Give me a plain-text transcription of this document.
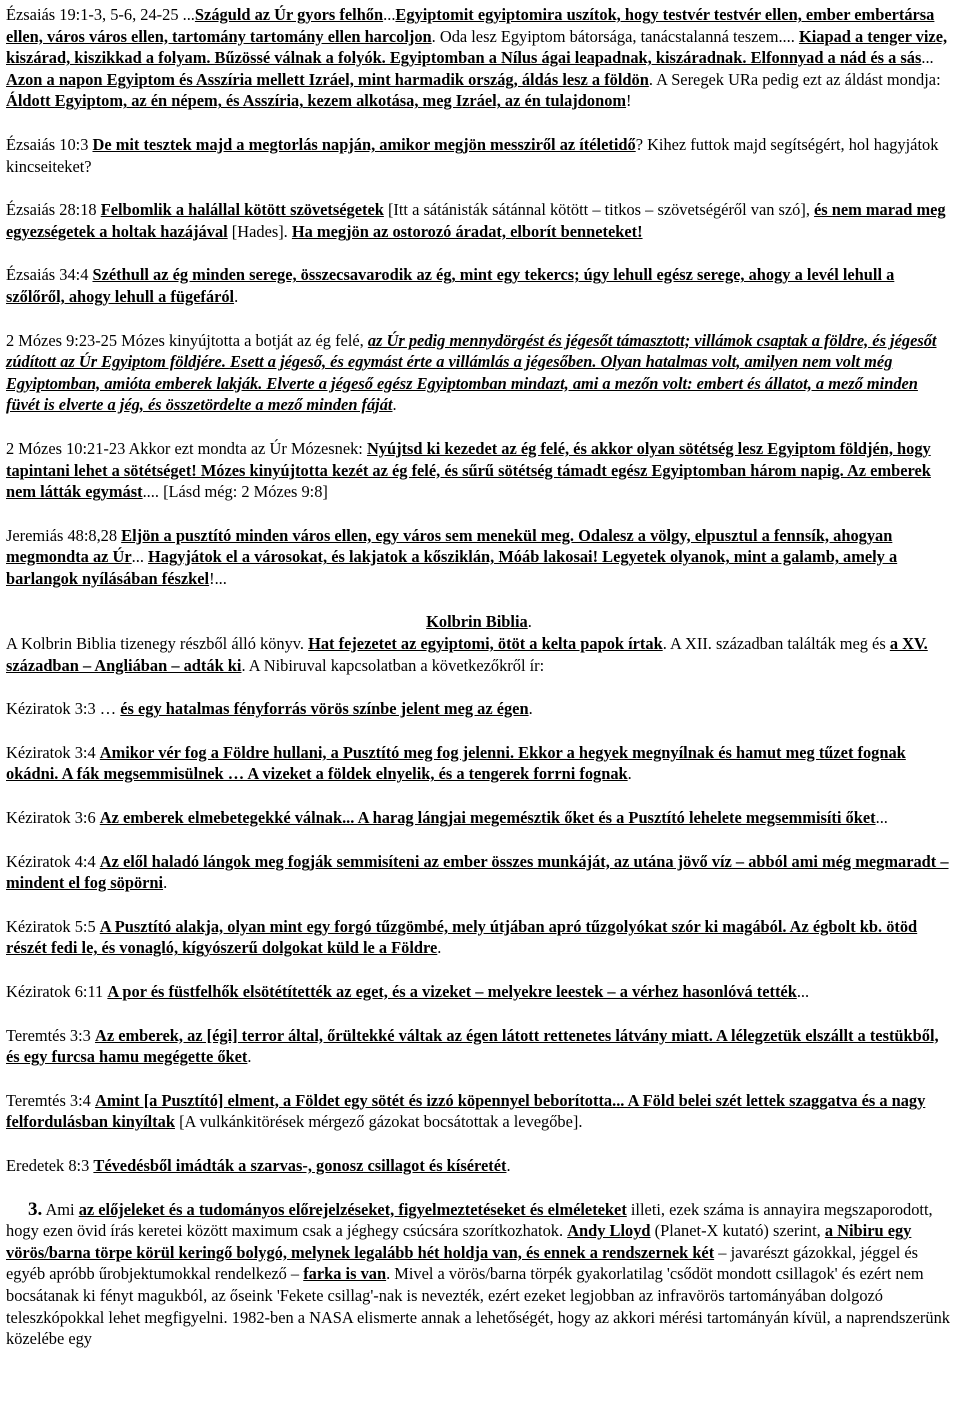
Ézsaiás 19:1-3, 5-6, 24-25 ...Száguld az Úr gyors felhőn...Egyiptomit egyiptomira uszítok, hogy testvér testvér ellen, ember embertársa ellen, város város ellen, tartomány tartomány ellen harcoljon. Oda lesz Egyiptom bátorsága, tanácstalanná teszem.... Kiapad a tenger vize, kiszárad, kiszikkad a folyam. Bűzössé válnak a folyók. Egyiptomban a Nílus ágai leapadnak, kiszáradnak. Elfonnyad a nád és a sás... Azon a napon Egyiptom és Asszíria mellett Izráel, mint harmadik ország, áldás lesz a földön. A Seregek URa pedig ezt az áldást mondja: Áldott Egyiptom, az én népem, és Asszíria, kezem alkotása, meg Izráel, az én tulajdonom!

Ézsaiás 10:3 De mit tesztek majd a megtorlás napján, amikor megjön messziről az ítéletidő? Kihez futtok majd segítségért, hol hagyjátok kincseiteket?

Ézsaiás 28:18 Felbomlik a halállal kötött szövetségetek [Itt a sátánisták sátánnal kötött – titkos – szövetségéről van szó], és nem marad meg egyezségetek a holtak hazájával [Hades]. Ha megjön az ostorozó áradat, elborít benneteket!

Ézsaiás 34:4 Széthull az ég minden serege, összecsavarodik az ég, mint egy tekercs; úgy lehull egész serege, ahogy a levél lehull a szőlőről, ahogy lehull a fügefáról.

2 Mózes 9:23-25 Mózes kinyújtotta a botját az ég felé, az Úr pedig mennydörgést és jégesőt támasztott; villámok csaptak a földre, és jégesőt zúdított az Úr Egyiptom földjére. Esett a jégeső, és egymást érte a villámlás a jégesőben. Olyan hatalmas volt, amilyen nem volt még Egyiptomban, amióta emberek lakják. Elverte a jégeső egész Egyiptomban mindazt, ami a mezőn volt: embert és állatot, a mező minden füvét is elverte a jég, és összetördelte a mező minden fáját.

2 Mózes 10:21-23 Akkor ezt mondta az Úr Mózesnek: Nyújtsd ki kezedet az ég felé, és akkor olyan sötétség lesz Egyiptom földjén, hogy tapintani lehet a sötétséget! Mózes kinyújtotta kezét az ég felé, és sűrű sötétség támadt egész Egyiptomban három napig. Az emberek nem látták egymást.... [Lásd még: 2 Mózes 9:8]

Jeremiás 48:8,28 Eljön a pusztító minden város ellen, egy város sem menekül meg. Odalesz a völgy, elpusztul a fennsík, ahogyan megmondta az Úr... Hagyjátok el a városokat, és lakjatok a kősziklán, Móáb lakosai! Legyetek olyanok, mint a galamb, amely a barlangok nyílásában fészkel!...

Kolbrin Biblia.

A Kolbrin Biblia tizenegy részből álló könyv. Hat fejezetet az egyiptomi, ötöt a kelta papok írtak. A XII. században találták meg és a XV. században – Angliában – adták ki. A Nibiruval kapcsolatban a következőkről ír:

Kéziratok 3:3 … és egy hatalmas fényforrás vörös színbe jelent meg az égen.

Kéziratok 3:4 Amikor vér fog a Földre hullani, a Pusztító meg fog jelenni. Ekkor a hegyek megnyílnak és hamut meg tűzet fognak okádni. A fák megsemmisülnek … A vizeket a földek elnyelik, és a tengerek forrni fognak.

Kéziratok 3:6 Az emberek elmebetegekké válnak... A harag lángjai megemésztik őket és a Pusztító lehelete megsemmisíti őket...

Kéziratok 4:4 Az elől haladó lángok meg fogják semmisíteni az ember összes munkáját, az utána jövő víz – abból ami még megmaradt – mindent el fog söpörni.

Kéziratok 5:5 A Pusztító alakja, olyan mint egy forgó tűzgömbé, mely útjában apró tűzgolyókat szór ki magából. Az égbolt kb. ötöd részét fedi le, és vonagló, kígyószerű dolgokat küld le a Földre.

Kéziratok 6:11 A por és füstfelhők elsötétítették az eget, és a vizeket – melyekre leestek – a vérhez hasonlóvá tették...

Teremtés 3:3 Az emberek, az [égi] terror által, őrültekké váltak az égen látott rettenetes látvány miatt. A lélegzetük elszállt a testükből, és egy furcsa hamu megégette őket.

Teremtés 3:4 Amint [a Pusztító] elment, a Földet egy sötét és izzó köpennyel beborította... A Föld belei szét lettek szaggatva és a nagy felfordulásban kinyíltak [A vulkánkitörések mérgező gázokat bocsátottak a levegőbe].

Eredetek 8:3 Tévedésből imádták a szarvas-, gonosz csillagot és kíséretét.

3. Ami az előjeleket és a tudományos előrejelzéseket, figyelmeztetéseket és elméleteket illeti, ezek száma is annayira megszaporodott, hogy ezen övid írás keretei között maximum csak a jéghegy csúcsára szorítkozhatok. Andy Lloyd (Planet-X kutató) szerint, a Nibiru egy vörös/barna törpe körül keringő bolygó, melynek legalább hét holdja van, és ennek a rendszernek két – javarészt gázokkal, jéggel és egyéb apróbb űrobjektumokkal rendelkező – farka is van. Mivel a vörös/barna törpék gyakorlatilag 'csődöt mondott csillagok' és ezért nem bocsátanak ki fényt magukból, az őseink 'Fekete csillag'-nak is nevezték, ezért ezeket legjobban az infravörös tartományában dolgozó teleszkópokkal lehet megfigyelni. 1982-ben a NASA elismerte annak a lehetőségét, hogy az akkori mérési tartományán kívül, a naprendszerünk közelébe egy
